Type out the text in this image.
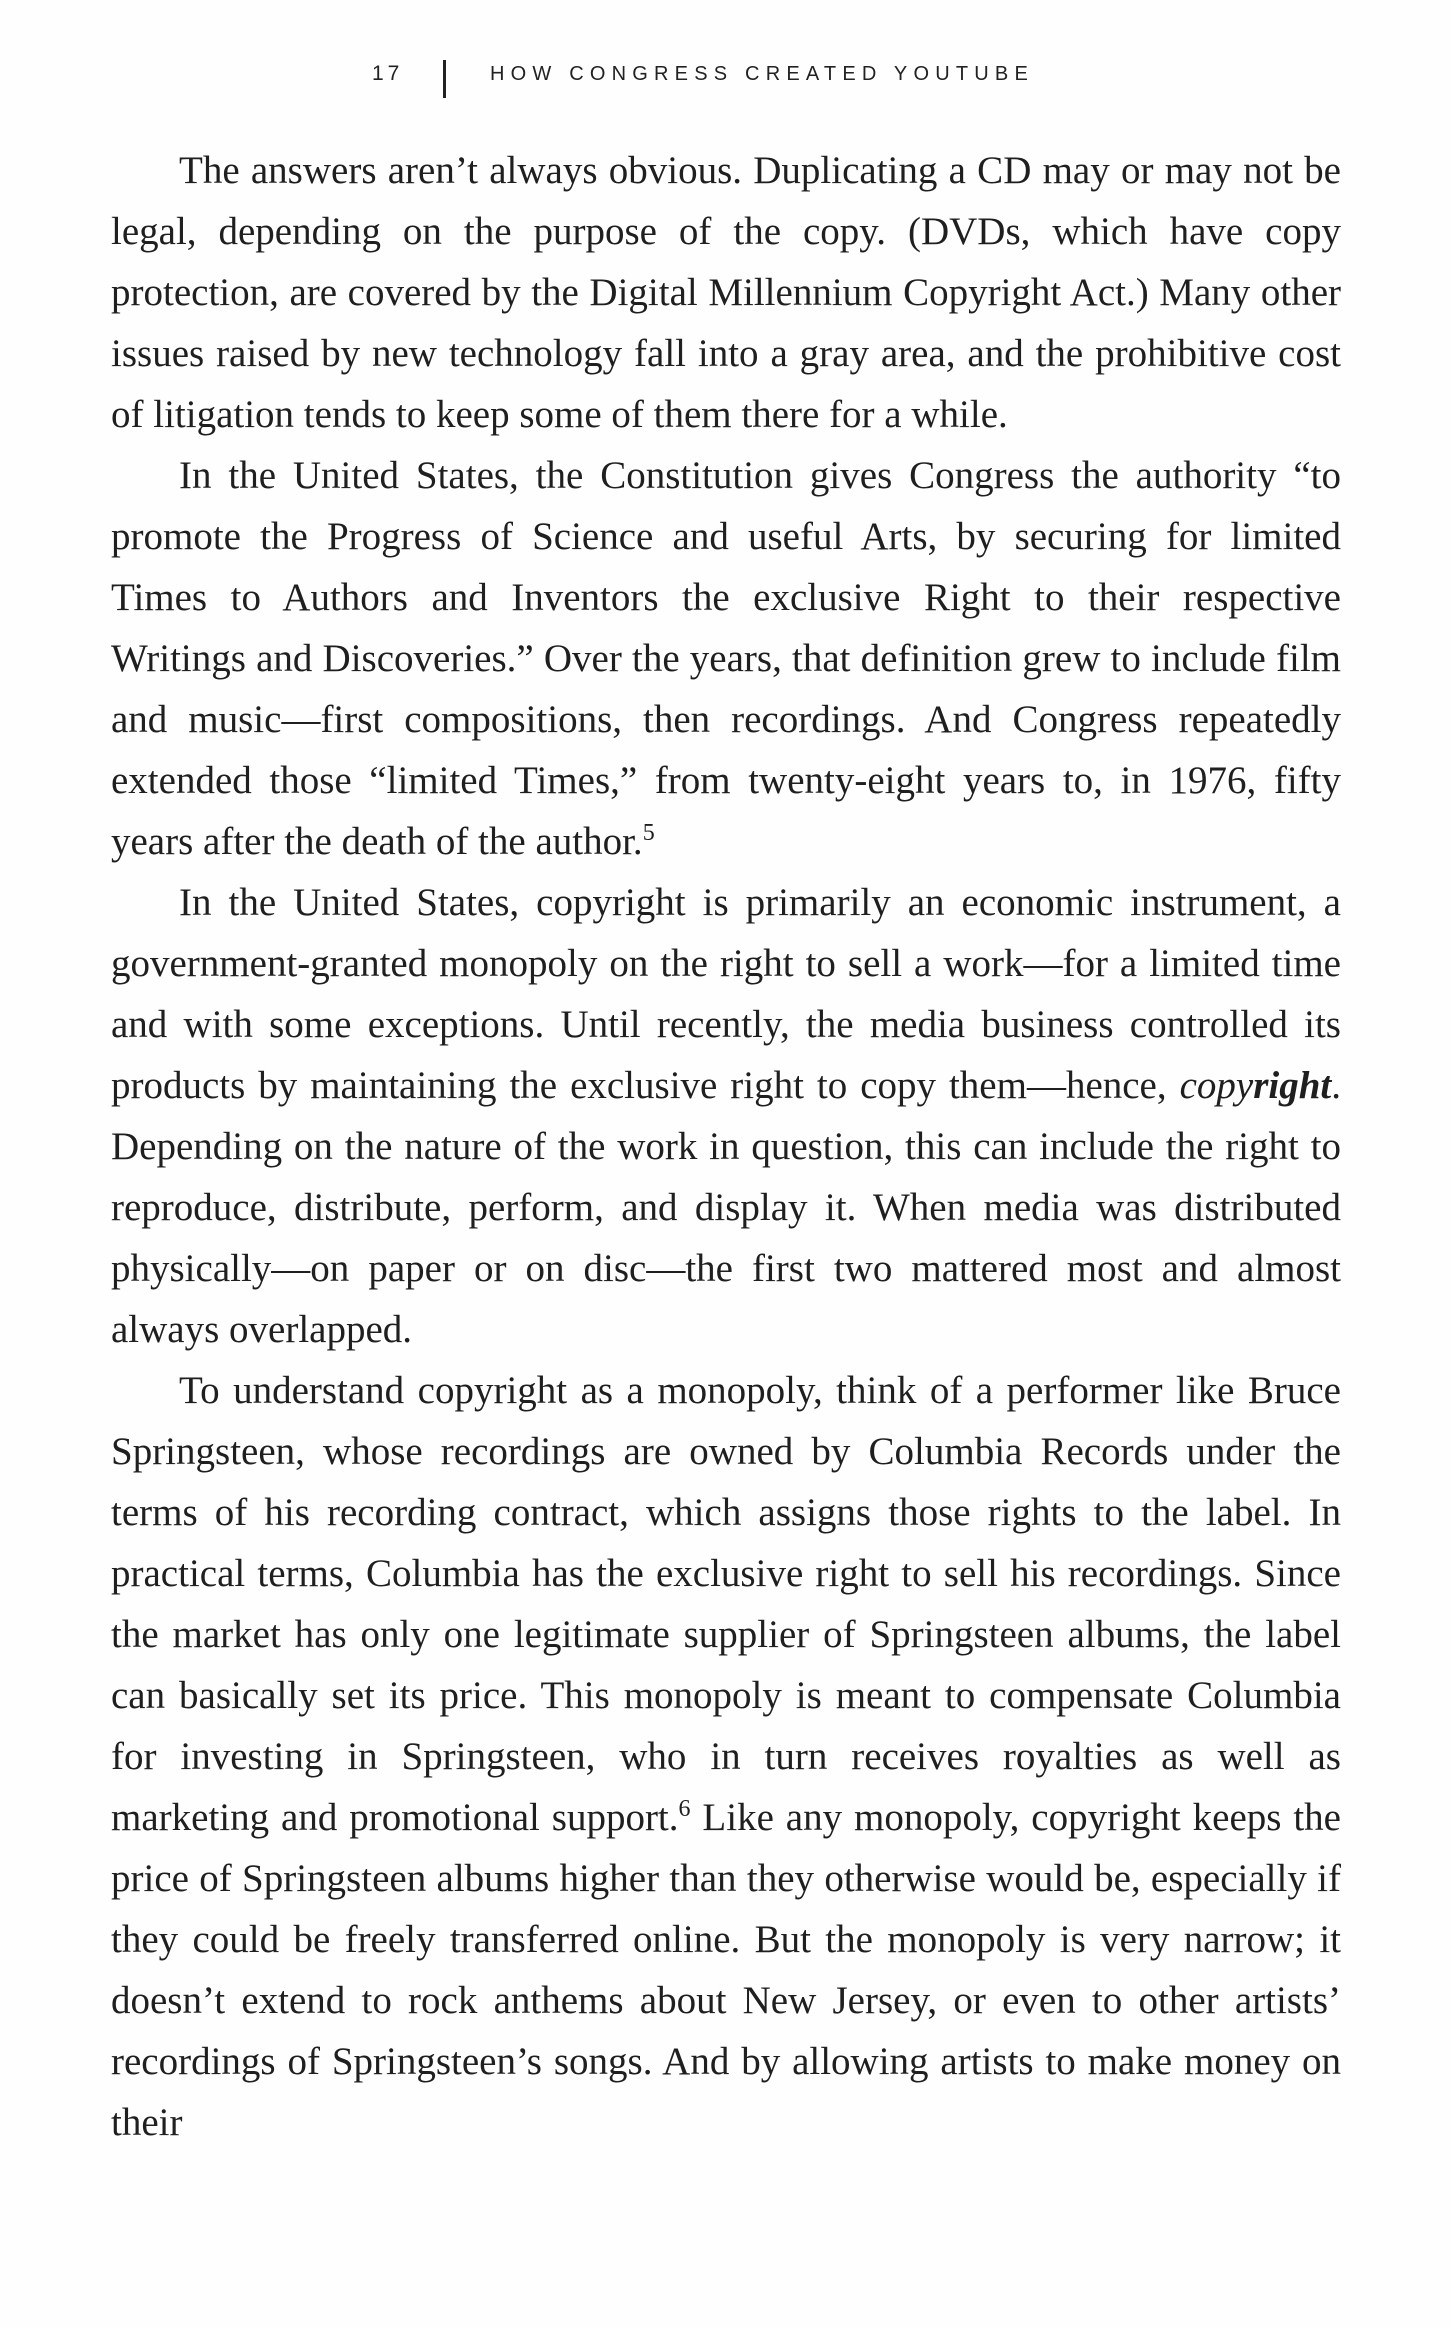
17	HOW CONGRESS CREATED YOUTUBE

The answers aren’t always obvious. Duplicating a CD may or may not be legal, depending on the purpose of the copy. (DVDs, which have copy protection, are covered by the Digital Millennium Copyright Act.) Many other issues raised by new technology fall into a gray area, and the prohibitive cost of litigation tends to keep some of them there for a while.

In the United States, the Constitution gives Congress the authority “to promote the Progress of Science and useful Arts, by securing for limited Times to Authors and Inventors the exclusive Right to their respective Writings and Discoveries.” Over the years, that definition grew to include film and music—first compositions, then recordings. And Congress repeatedly extended those “limited Times,” from twenty-eight years to, in 1976, fifty years after the death of the author.$^5$

In the United States, copyright is primarily an economic instrument, a government-granted monopoly on the right to sell a work—for a limited time and with some exceptions. Until recently, the media business controlled its products by maintaining the exclusive right to copy them—hence, copyright. Depending on the nature of the work in question, this can include the right to reproduce, distribute, perform, and display it. When media was distributed physically—on paper or on disc—the first two mattered most and almost always overlapped.

To understand copyright as a monopoly, think of a performer like Bruce Springsteen, whose recordings are owned by Columbia Records under the terms of his recording contract, which assigns those rights to the label. In practical terms, Columbia has the exclusive right to sell his recordings. Since the market has only one legitimate supplier of Springsteen albums, the label can basically set its price. This monopoly is meant to compensate Columbia for investing in Springsteen, who in turn receives royalties as well as marketing and promotional support.$^6$ Like any monopoly, copyright keeps the price of Springsteen albums higher than they otherwise would be, especially if they could be freely transferred online. But the monopoly is very narrow; it doesn’t extend to rock anthems about New Jersey, or even to other artists’ recordings of Springsteen’s songs. And by allowing artists to make money on their
